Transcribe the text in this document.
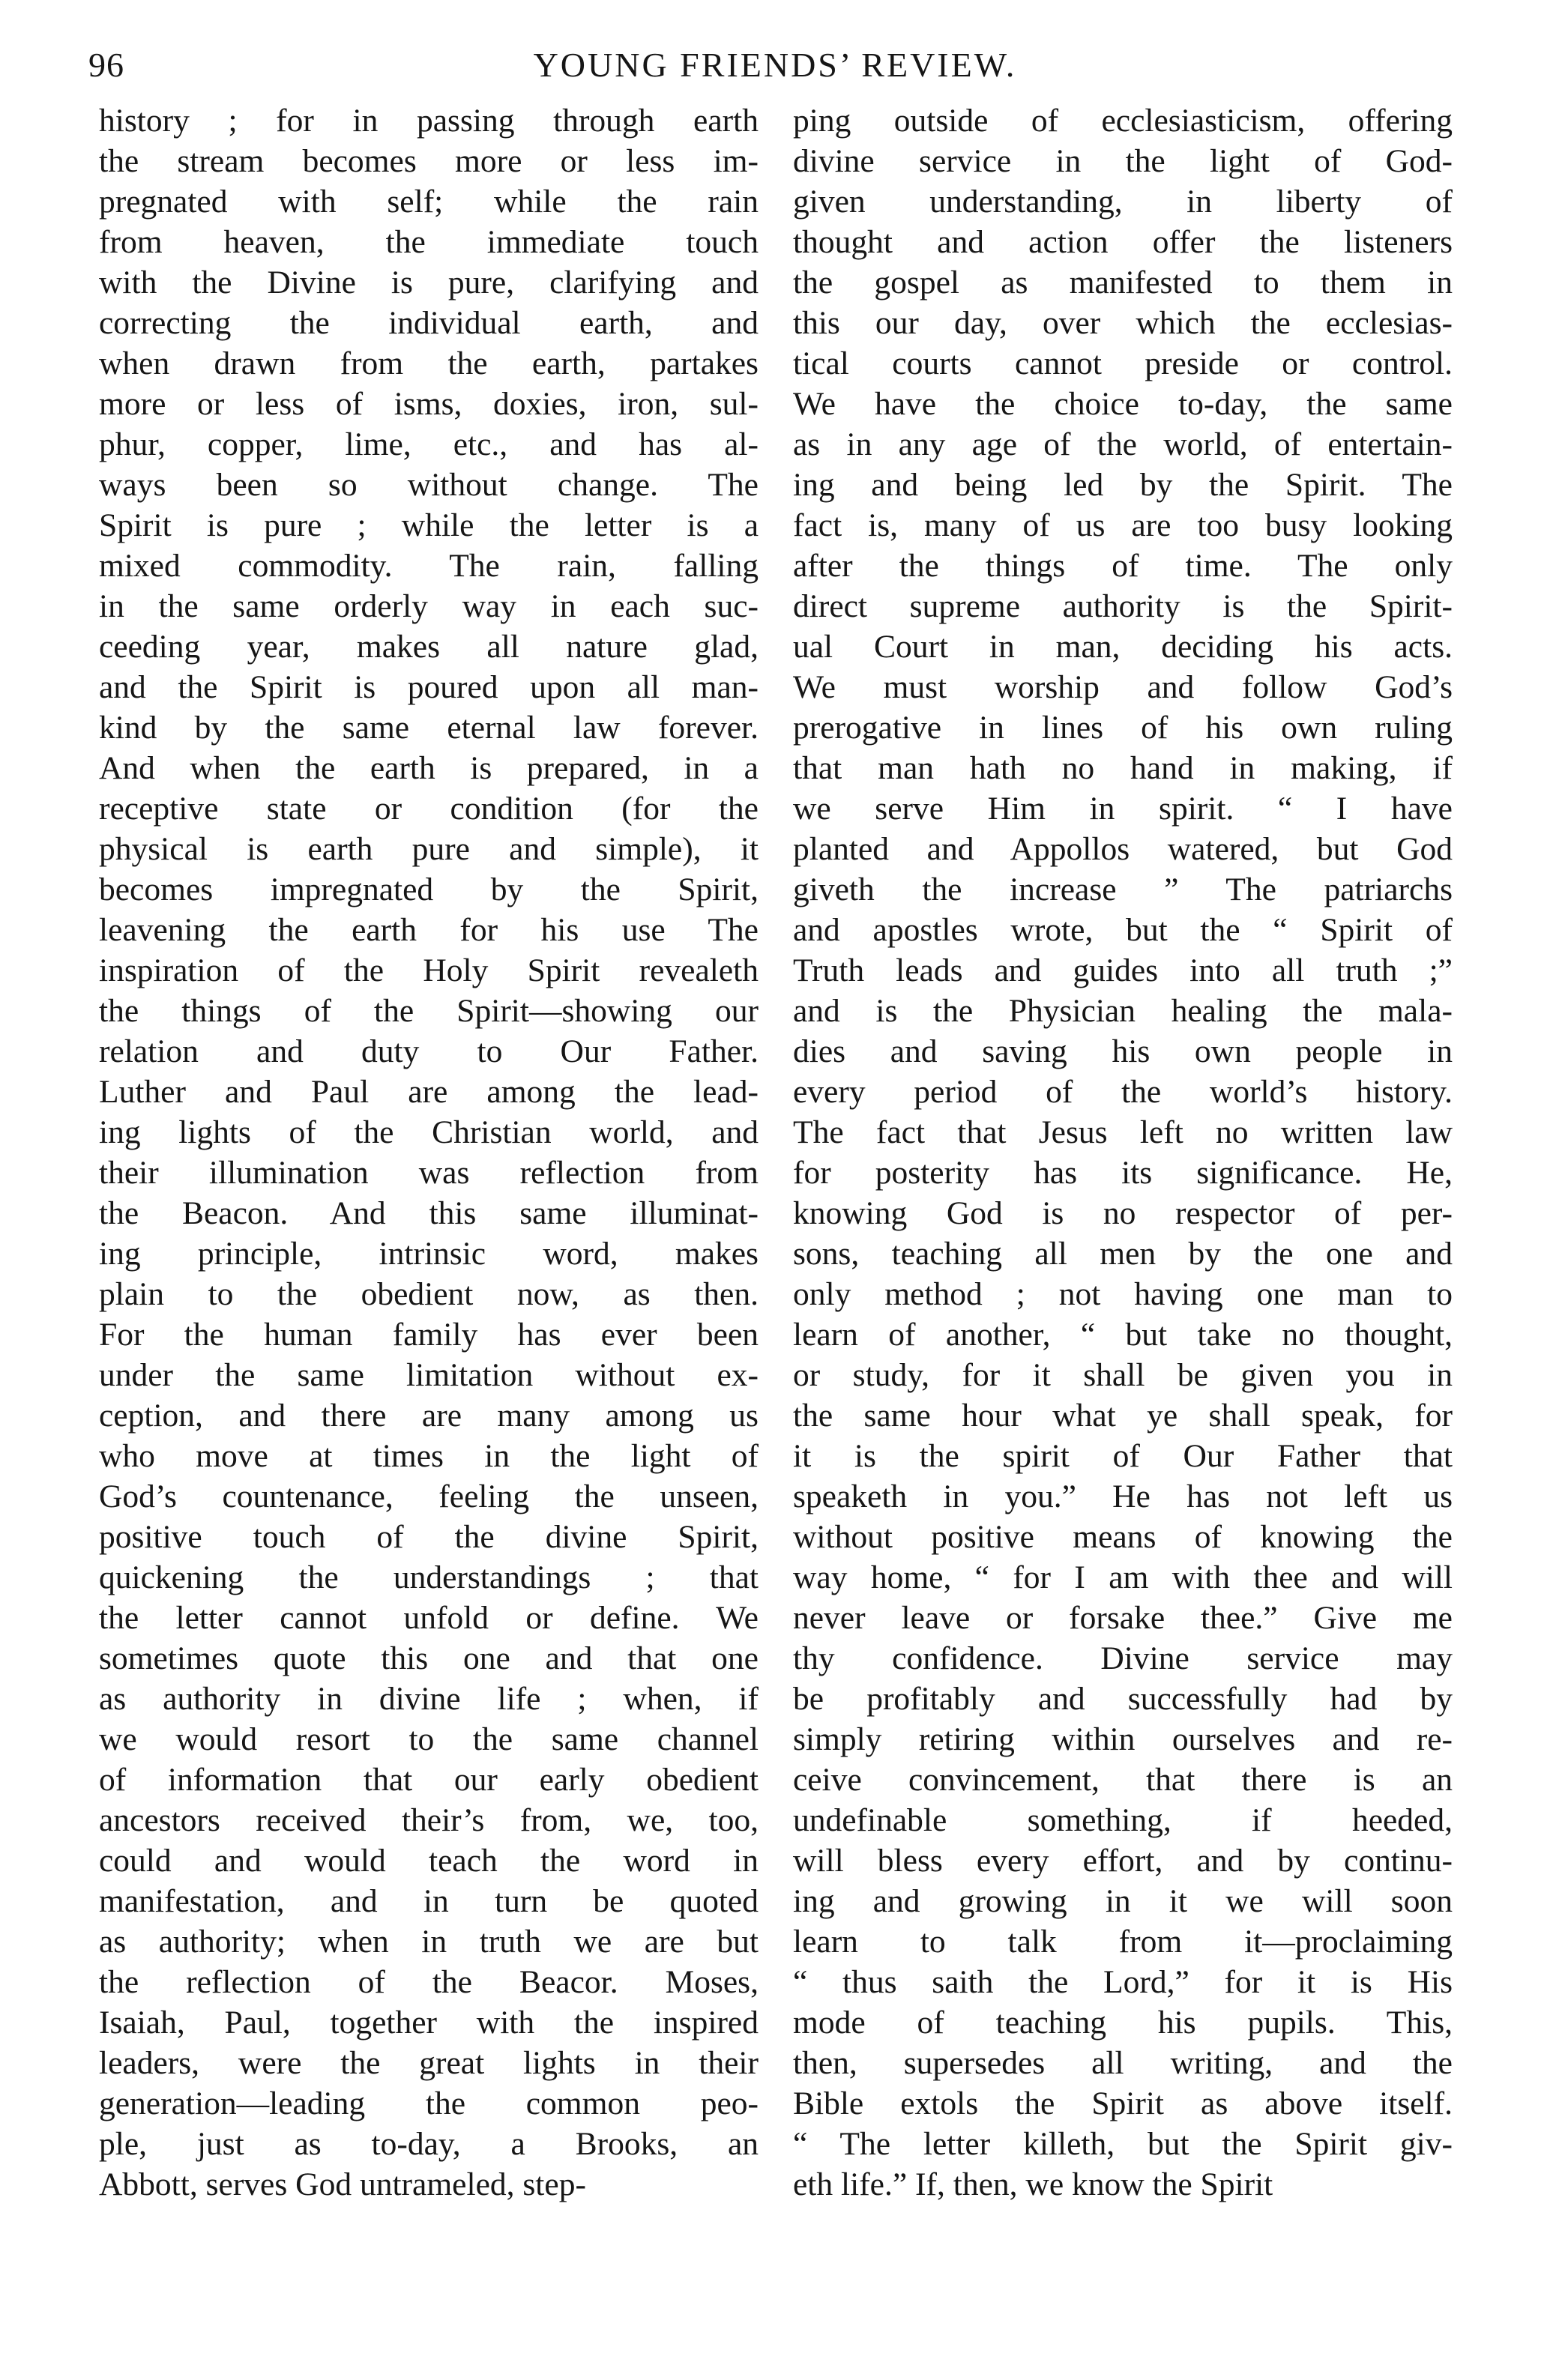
96	YOUNG FRIENDS’ REVIEW.
history ; for in passing through earth
the stream becomes more or less im-
pregnated with self; while the rain
from heaven, the immediate touch
with the Divine is pure, clarifying and
correcting the individual earth, and
when drawn from the earth, partakes
more or less of isms, doxies, iron, sul-
phur, copper, lime, etc., and has al-
ways been so without change. The
Spirit is pure ; while the letter is a
mixed commodity. The rain, falling
in the same orderly way in each suc-
ceeding year, makes all nature glad,
and the Spirit is poured upon all man-
kind by the same eternal law forever.
And when the earth is prepared, in a
receptive state or condition (for the
physical is earth pure and simple), it
becomes impregnated by the Spirit,
leavening the earth for his use The
inspiration of the Holy Spirit revealeth
the things of the Spirit—showing our
relation and duty to Our Father.
Luther and Paul are among the lead-
ing lights of the Christian world, and
their illumination was reflection from
the Beacon. And this same illuminat-
ing principle, intrinsic word, makes
plain to the obedient now, as then.
For the human family has ever been
under the same limitation without ex-
ception, and there are many among us
who move at times in the light of
God’s countenance, feeling the unseen,
positive touch of the divine Spirit,
quickening the understandings ; that
the letter cannot unfold or define. We
sometimes quote this one and that one
as authority in divine life ; when, if
we would resort to the same channel
of information that our early obedient
ancestors received their’s from, we, too,
could and would teach the word in
manifestation, and in turn be quoted
as authority; when in truth we are but
the reflection of the Beacor. Moses,
Isaiah, Paul, together with the inspired
leaders, were the great lights in their
generation—leading the common peo-
ple, just as to-day, a Brooks, an
Abbott, serves God untrameled, step-
ping outside of ecclesiasticism, offering
divine service in the light of God-
given understanding, in liberty of
thought and action offer the listeners
the gospel as manifested to them in
this our day, over which the ecclesias-
tical courts cannot preside or control.
We have the choice to-day, the same
as in any age of the world, of entertain-
ing and being led by the Spirit. The
fact is, many of us are too busy looking
after the things of time. The only
direct supreme authority is the Spirit-
ual Court in man, deciding his acts.
We must worship and follow God’s
prerogative in lines of his own ruling
that man hath no hand in making, if
we serve Him in spirit. “ I have
planted and Appollos watered, but God
giveth the increase ” The patriarchs
and apostles wrote, but the “ Spirit of
Truth leads and guides into all truth ;”
and is the Physician healing the mala-
dies and saving his own people in
every period of the world’s history.
The fact that Jesus left no written law
for posterity has its significance. He,
knowing God is no respector of per-
sons, teaching all men by the one and
only method ; not having one man to
learn of another, “ but take no thought,
or study, for it shall be given you in
the same hour what ye shall speak, for
it is the spirit of Our Father that
speaketh in you.” He has not left us
without positive means of knowing the
way home, “ for I am with thee and will
never leave or forsake thee.” Give me
thy confidence. Divine service may
be profitably and successfully had by
simply retiring within ourselves and re-
ceive convincement, that there is an
undefinable something, if heeded,
will bless every effort, and by continu-
ing and growing in it we will soon
learn to talk from it—proclaiming
“ thus saith the Lord,” for it is His
mode of teaching his pupils. This,
then, supersedes all writing, and the
Bible extols the Spirit as above itself.
“ The letter killeth, but the Spirit giv-
eth life.” If, then, we know the Spirit
